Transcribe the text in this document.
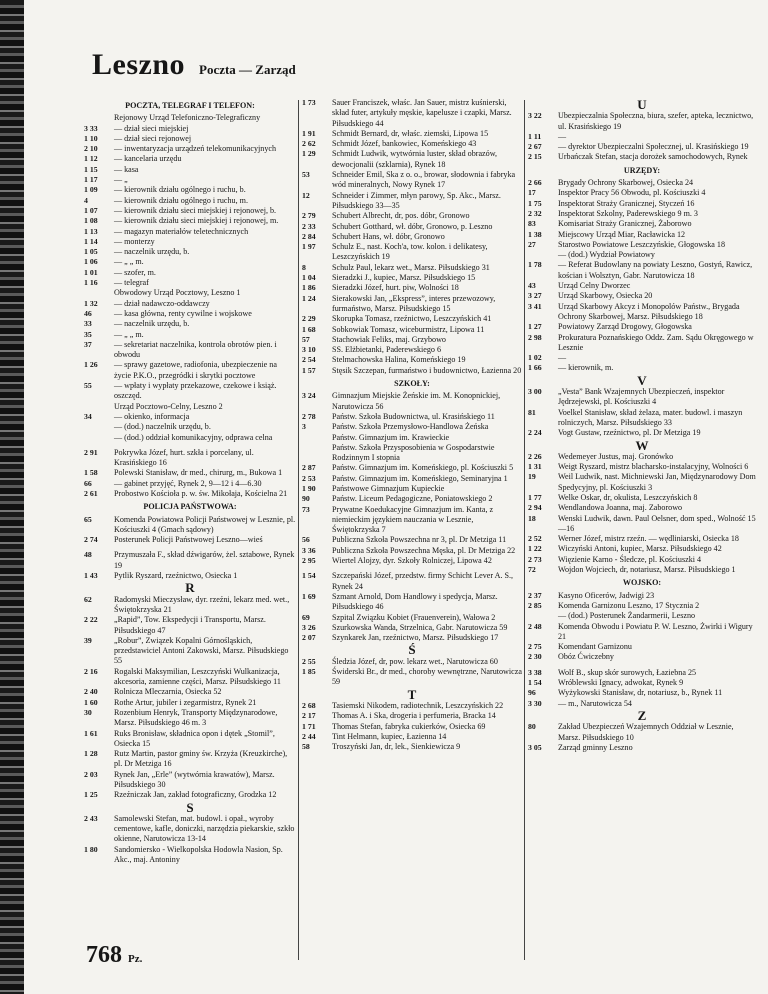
Leszno Poczta — Zarząd
POCZTA, TELEGRAF I TELEFON:
Rejonowy Urząd Telefoniczno-Telegraficzny
3 33	— dział sieci miejskiej
1 10	— dział sieci rejonowej
2 10	— inwentaryzacja urządzeń telekomunikacyjnych
1 12	— kancelaria urzędu
1 15	— kasa
1 17	— „
1 09	— kierownik działu ogólnego i ruchu, b.
4	— kierownik działu ogólnego i ruchu, m.
1 07	— kierownik działu sieci miejskiej i rejonowej, b.
1 08	— kierownik działu sieci miejskiej i rejonowej, m.
1 13	— magazyn materiałów teletechnicznych
1 14	— monterzy
1 05	— naczelnik urzędu, b.
1 06	— „ „ m.
1 01	— szofer, m.
1 16	— telegraf
Obwodowy Urząd Pocztowy, Leszno 1
1 32	— dział nadawczo-oddawczy
46	— kasa główna, renty cywilne i wojskowe
33	— naczelnik urzędu, b.
35	— „ „ m.
37	— sekretariat naczelnika, kontrola obrotów pien. i obwodu
1 26	— sprawy gazetowe, radiofonia, ubezpieczenie na życie P.K.O., przegródki i skrytki pocztowe
55	— wpłaty i wypłaty przekazowe, czekowe i książ. oszczęd.
Urząd Pocztowo-Celny, Leszno 2
34	— okienko, informacja
— (dod.) naczelnik urzędu, b.
— (dod.) oddział komunikacyjny, odprawa celna
2 91	Pokrywka Józef, hurt. szkła i porcelany, ul. Krasińskiego 16
1 58	Polewski Stanisław, dr med., chirurg, m., Bukowa 1
66	— gabinet przyjęć, Rynek 2, 9—12 i 4—6.30
2 61	Probostwo Kościoła p. w. św. Mikołaja, Kościelna 21
POLICJA PAŃSTWOWA:
65	Komenda Powiatowa Policji Państwowej w Lesznie, pl. Kościuszki 4 (Gmach sądowy)
2 74	Posterunek Policji Państwowej Leszno—wieś
48	Przymuszała F., skład dźwigarów, żel. sztabowe, Rynek 19
1 43	Pytlik Ryszard, rzeźnictwo, Osiecka 1
R
62	Radomyski Mieczysław, dyr. rzeźni, lekarz med. wet., Świętokrzyska 21
2 22	„Rapid”, Tow. Ekspedycji i Transportu, Marsz. Piłsudskiego 47
39	„Robur”, Związek Kopalni Górnośląskich, przedstawiciel Antoni Zakowski, Marsz. Piłsudskiego 55
2 16	Rogalski Maksymilian, Leszczyński Wulkanizacja, akcesoria, zamienne części, Marsz. Piłsudskiego 11
2 40	Rolnicza Mleczarnia, Osiecka 52
1 60	Rothe Artur, jubiler i zegarmistrz, Rynek 21
30	Rozenbium Henryk, Transporty Międzynarodowe, Marsz. Piłsudskiego 46 m. 3
1 61	Ruks Bronisław, składnica opon i dętek „Stomil”, Osiecka 15
1 28	Rutz Martin, pastor gminy św. Krzyża (Kreuzkirche), pl. Dr Metziga 16
2 03	Rynek Jan, „Erle” (wytwórnia krawatów), Marsz. Piłsudskiego 30
1 25	Rzeźniczak Jan, zakład fotograficzny, Grodzka 12
S
2 43	Samolewski Stefan, mat. budowl. i opał., wyroby cementowe, kafle, doniczki, narzędzia piekarskie, szkło okienne, Narutowicza 13-14
1 80	Sandomiersko - Wielkopolska Hodowla Nasion, Sp. Akc., maj. Antoniny
1 73	Sauer Franciszek, właśc. Jan Sauer, mistrz kuśnierski, skład futer, artykuły męskie, kapelusze i czapki, Marsz. Piłsudskiego 44
1 91	Schmidt Bernard, dr, właśc. ziemski, Lipowa 15
2 62	Schmidt Józef, bankowiec, Komeńskiego 43
1 29	Schmidt Ludwik, wytwórnia luster, skład obrazów, dewocjonalii (szklarnia), Rynek 18
53	Schneider Emil, Ska z o. o., browar, słodownia i fabryka wód mineralnych, Nowy Rynek 17
12	Schneider i Zimmer, młyn parowy, Sp. Akc., Marsz. Piłsudskiego 33—35
2 79	Schubert Albrecht, dr, pos. dóbr, Gronowo
2 33	Schubert Gotthard, wł. dóbr, Gronowo, p. Leszno
2 84	Schubert Hans, wł. dóbr, Gronowo
1 97	Schulz E., nast. Koch'a, tow. kolon. i delikatesy, Leszczyńskich 19
8	Schulz Paul, lekarz wet., Marsz. Piłsudskiego 31
1 04	Sieradzki J., kupiec, Marsz. Piłsudskiego 15
1 86	Sieradzki Józef, hurt. piw, Wolności 18
1 24	Sierakowski Jan, „Ekspress”, interes przewozowy, furmaństwo, Marsz. Piłsudskiego 15
2 29	Skorupka Tomasz, rzeźnictwo, Leszczyńskich 41
1 68	Sobkowiak Tomasz, wiceburmistrz, Lipowa 11
57	Stachowiak Feliks, maj. Grzybowo
3 10	SS. Elżbietanki, Paderewskiego 6
2 54	Stelmachowska Halina, Komeńskiego 19
1 57	Stęsik Szczepan, furmaństwo i budownictwo, Łazienna 20
SZKOŁY:
3 24	Gimnazjum Miejskie Żeńskie im. M. Konopnickiej, Narutowicza 56
2 78	Państw. Szkoła Budownictwa, ul. Krasińskiego 11
3	Państw. Szkoła Przemysłowo-Handlowa Żeńska
Państw. Gimnazjum im. Krawieckie
Państw. Szkoła Przysposobienia w Gospodarstwie Rodzinnym I stopnia
2 87	Państw. Gimnazjum im. Komeńskiego, pl. Kościuszki 5
2 53	Państw. Gimnazjum im. Komeńskiego, Seminaryjna 1
1 90	Państwowe Gimnazjum Kupieckie
90	Państw. Liceum Pedagogiczne, Poniatowskiego 2
73	Prywatne Koedukacyjne Gimnazjum im. Kanta, z niemieckim językiem nauczania w Lesznie, Świętokrzyska 7
56	Publiczna Szkoła Powszechna nr 3, pl. Dr Metziga 11
3 36	Publiczna Szkoła Powszechna Męska, pl. Dr Metziga 22
2 95	Wiertel Alojzy, dyr. Szkoły Rolniczej, Lipowa 42
1 54	Szczepański Józef, przedstw. firmy Schicht Lever A. S., Rynek 24
1 69	Szmant Arnold, Dom Handlowy i spedycja, Marsz. Piłsudskiego 46
69	Szpital Związku Kobiet (Frauenverein), Wałowa 2
3 26	Szurkowska Wanda, Strzelnica, Gabr. Narutowicza 59
2 07	Szynkarek Jan, rzeźnictwo, Marsz. Piłsudskiego 17
Ś
2 55	Śledzia Józef, dr, pow. lekarz wet., Narutowicza 60
1 85	Świderski Br., dr med., choroby wewnętrzne, Narutowicza 59
T
2 68	Tasiemski Nikodem, radiotechnik, Leszczyńskich 22
2 17	Thomas A. i Ska, drogeria i perfumeria, Bracka 14
1 71	Thomas Stefan, fabryka cukierków, Osiecka 69
2 44	Tint Helmann, kupiec, Łazienna 14
58	Troszyński Jan, dr, lek., Sienkiewicza 9
U
3 22	Ubezpieczalnia Społeczna, biura, szefer, apteka, lecznictwo, ul. Krasińskiego 19
1 11	—
2 67	— dyrektor Ubezpieczalni Społecznej, ul. Krasińskiego 19
2 15	Urbańczak Stefan, stacja dorożek samochodowych, Rynek
URZĘDY:
2 66	Brygady Ochrony Skarbowej, Osiecka 24
17	Inspektor Pracy 56 Obwodu, pl. Kościuszki 4
1 75	Inspektorat Straży Granicznej, Styczeń 16
2 32	Inspektorat Szkolny, Paderewskiego 9 m. 3
83	Komisariat Straży Granicznej, Żaborowo
1 38	Miejscowy Urząd Miar, Racławicka 12
27	Starostwo Powiatowe Leszczyńskie, Głogowska 18
— (dod.) Wydział Powiatowy
1 78	— Referat Budowlany na powiaty Leszno, Gostyń, Rawicz, kościan i Wolsztyn, Gabr. Narutowicza 18
43	Urząd Celny Dworzec
3 27	Urząd Skarbowy, Osiecka 20
3 41	Urząd Skarbowy Akcyz i Monopolów Państw., Brygada Ochrony Skarbowej, Marsz. Piłsudskiego 18
1 27	Powiatowy Zarząd Drogowy, Głogowska
2 98	Prokuratura Poznańskiego Oddz. Zam. Sądu Okręgowego w Lesznie
1 02	—
1 66	— kierownik, m.
V
3 00	„Vesta” Bank Wzajemnych Ubezpieczeń, inspektor Jędrzejewski, pl. Kościuszki 4
81	Voelkel Stanisław, skład żelaza, mater. budowl. i maszyn rolniczych, Marsz. Piłsudskiego 33
2 24	Vogt Gustaw, rzeźnictwo, pl. Dr Metziga 19
W
2 26	Wedemeyer Justus, maj. Gronówko
1 31	Weigt Ryszard, mistrz blacharsko-instalacyjny, Wolności 6
19	Weil Ludwik, nast. Michniewski Jan, Międzynarodowy Dom Spedycyjny, pl. Kościuszki 3
1 77	Welke Oskar, dr, okulista, Leszczyńskich 8
2 94	Wendlandowa Joanna, maj. Zaborowo
18	Wenski Ludwik, dawn. Paul Oelsner, dom sped., Wolność 15—16
2 52	Werner Józef, mistrz rzeźn. — wędliniarski, Osiecka 18
1 22	Wiczyński Antoni, kupiec, Marsz. Piłsudskiego 42
2 73	Więzienie Karno - Śledcze, pl. Kościuszki 4
72	Wojdon Wojciech, dr, notariusz, Marsz. Piłsudskiego 1
WOJSKO:
2 37	Kasyno Oficerów, Jadwigi 23
2 85	Komenda Garnizonu Leszno, 17 Stycznia 2
— (dod.) Posterunek Żandarmerii, Leszno
2 48	Komenda Obwodu i Powiatu P. W. Leszno, Żwirki i Wigury 21
2 75	Komendant Garnizonu
2 30	Obóz Ćwiczebny
3 38	Wolf B., skup skór surowych, Łaziebna 25
1 54	Wróblewski Ignacy, adwokat, Rynek 9
96	Wyżykowski Stanisław, dr, notariusz, b., Rynek 11
3 30	— m., Narutowicza 54
Z
80	Zakład Ubezpieczeń Wzajemnych Oddział w Lesznie, Marsz. Piłsudskiego 10
3 05	Zarząd gminny Leszno
768 Pz.
